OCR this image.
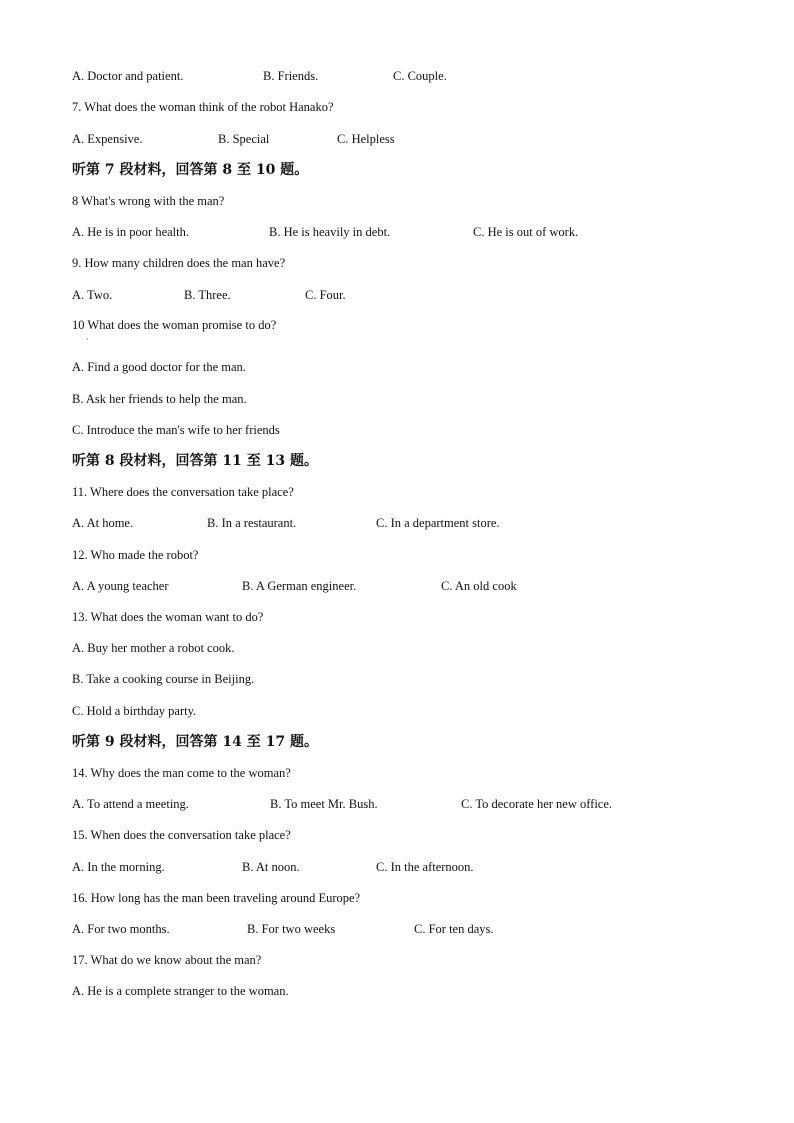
A. Doctor and patient.	B. Friends.	C. Couple.
7. What does the woman think of the robot Hanako?
A. Expensive.	B. Special	C. Helpless
听第 7 段材料，回答第 8 至 10 题。
8 What's wrong with the man?
A. He is in poor health.	B. He is heavily in debt.	C. He is out of work.
9. How many children does the man have?
A. Two.	B. Three.	C. Four.
10 What does the woman promise to do?
·
A. Find a good doctor for the man.
B. Ask her friends to help the man.
C. Introduce the man's wife to her friends
听第 8 段材料，回答第 11 至 13 题。
11. Where does the conversation take place?
A. At home.	B. In a restaurant.	C. In a department store.
12. Who made the robot?
A. A young teacher	B. A German engineer.	C. An old cook
13. What does the woman want to do?
A. Buy her mother a robot cook.
B. Take a cooking course in Beijing.
C. Hold a birthday party.
听第 9 段材料，回答第 14 至 17 题。
14. Why does the man come to the woman?
A. To attend a meeting.	B. To meet Mr. Bush.	C. To decorate her new office.
15. When does the conversation take place?
A. In the morning.	B. At noon.	C. In the afternoon.
16. How long has the man been traveling around Europe?
A. For two months.	B. For two weeks	C. For ten days.
17. What do we know about the man?
A. He is a complete stranger to the woman.
